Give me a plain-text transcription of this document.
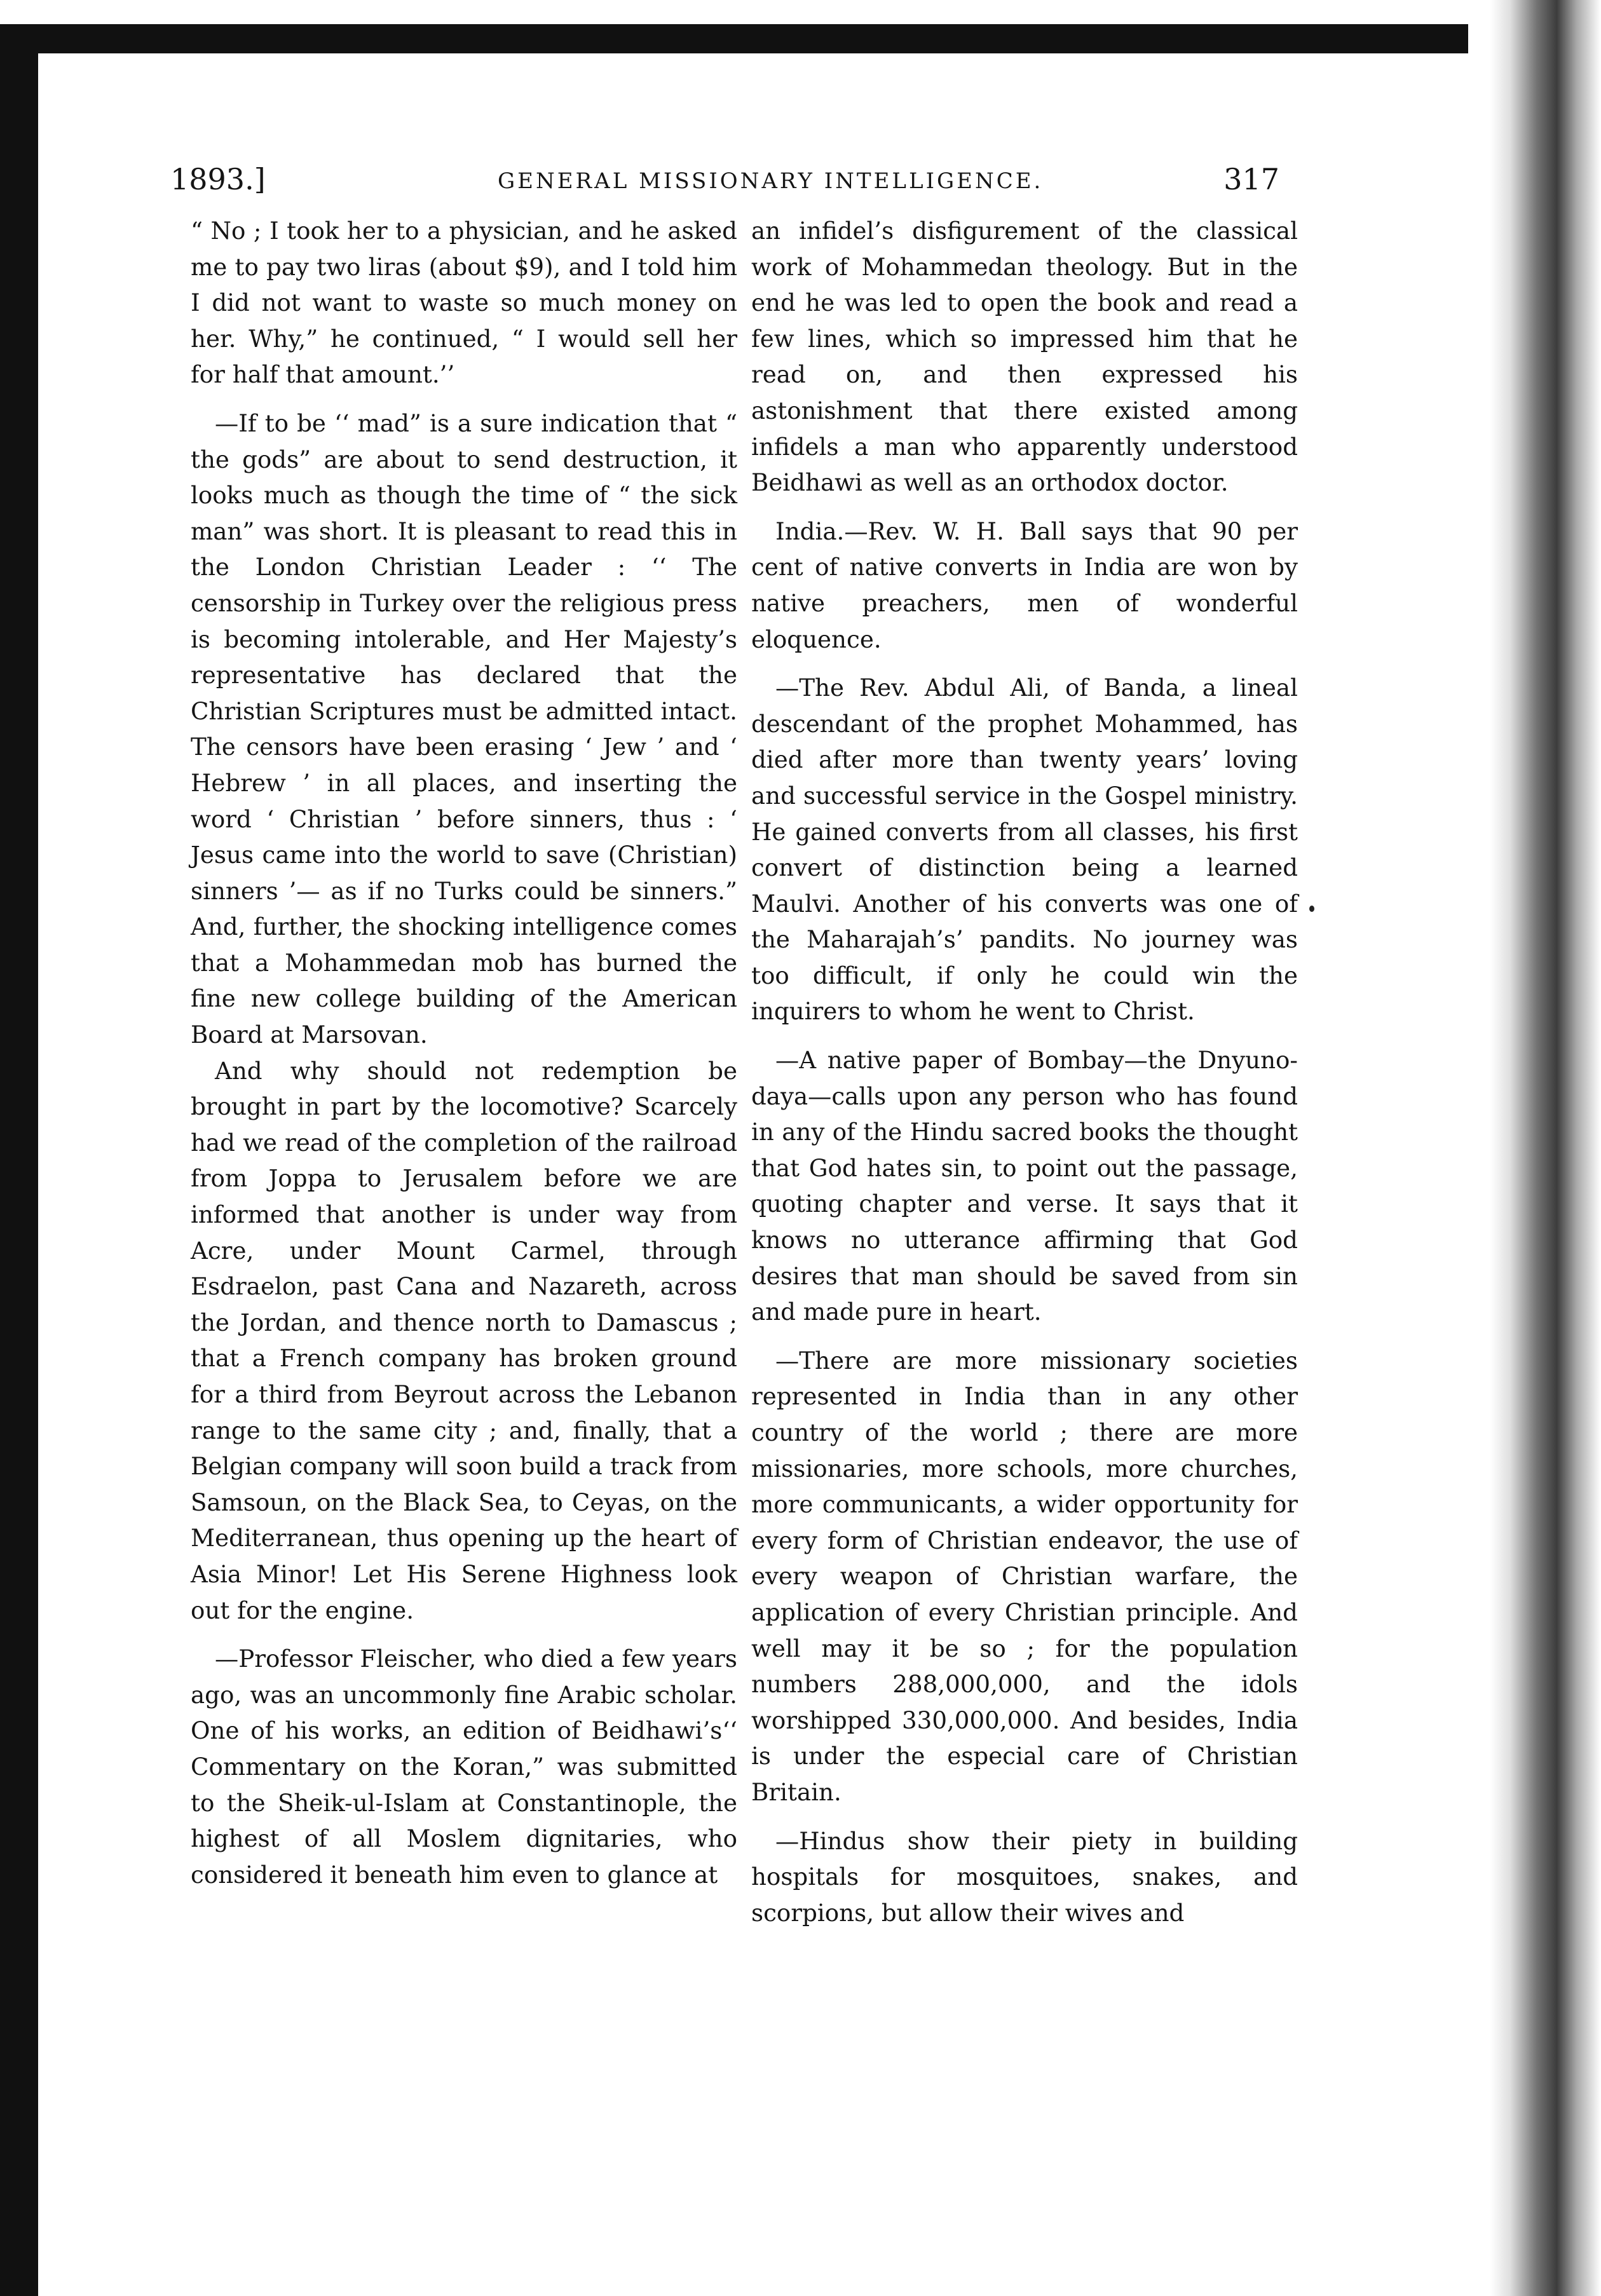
1893.]	GENERAL MISSIONARY INTELLIGENCE.	317

“ No ; I took her to a physician, and he asked me to pay two liras (about $9), and I told him I did not want to waste so much money on her. Why,” he continued, “ I would sell her for half that amount.’’

—If to be ‘‘ mad” is a sure indication that “ the gods” are about to send destruction, it looks much as though the time of “ the sick man” was short. It is pleasant to read this in the London Christian Leader : ‘‘ The censorship in Turkey over the religious press is becoming intolerable, and Her Majesty’s representative has declared that the Christian Scriptures must be admitted intact. The censors have been erasing ‘ Jew ’ and ‘ Hebrew ’ in all places, and inserting the word ‘ Christian ’ before sinners, thus : ‘ Jesus came into the world to save (Christian) sinners ’— as if no Turks could be sinners.” And, further, the shocking intelligence comes that a Mohammedan mob has burned the fine new college building of the American Board at Marsovan.

And why should not redemption be brought in part by the locomotive? Scarcely had we read of the completion of the railroad from Joppa to Jerusalem before we are informed that another is under way from Acre, under Mount Carmel, through Esdraelon, past Cana and Nazareth, across the Jordan, and thence north to Damascus ; that a French company has broken ground for a third from Beyrout across the Lebanon range to the same city ; and, finally, that a Belgian company will soon build a track from Samsoun, on the Black Sea, to Ceyas, on the Mediterranean, thus opening up the heart of Asia Minor! Let His Serene Highness look out for the engine.

—Professor Fleischer, who died a few years ago, was an uncommonly fine Arabic scholar. One of his works, an edition of Beidhawi’s‘‘ Commentary on the Koran,” was submitted to the Sheik-ul-Islam at Constantinople, the highest of all Moslem dignitaries, who considered it beneath him even to glance at

an infidel’s disfigurement of the classical work of Mohammedan theology. But in the end he was led to open the book and read a few lines, which so impressed him that he read on, and then expressed his astonishment that there existed among infidels a man who apparently understood Beidhawi as well as an orthodox doctor.

India.—Rev. W. H. Ball says that 90 per cent of native converts in India are won by native preachers, men of wonderful eloquence.

—The Rev. Abdul Ali, of Banda, a lineal descendant of the prophet Mohammed, has died after more than twenty years’ loving and successful service in the Gospel ministry. He gained converts from all classes, his first convert of distinction being a learned Maulvi. Another of his converts was one of the Maharajah’s’ pandits. No journey was too difficult, if only he could win the inquirers to whom he went to Christ.

—A native paper of Bombay—the Dnyuno-daya—calls upon any person who has found in any of the Hindu sacred books the thought that God hates sin, to point out the passage, quoting chapter and verse. It says that it knows no utterance affirming that God desires that man should be saved from sin and made pure in heart.

—There are more missionary societies represented in India than in any other country of the world ; there are more missionaries, more schools, more churches, more communicants, a wider opportunity for every form of Christian endeavor, the use of every weapon of Christian warfare, the application of every Christian principle. And well may it be so ; for the population numbers 288,000,000, and the idols worshipped 330,000,000. And besides, India is under the especial care of Christian Britain.

—Hindus show their piety in building hospitals for mosquitoes, snakes, and scorpions, but allow their wives and
